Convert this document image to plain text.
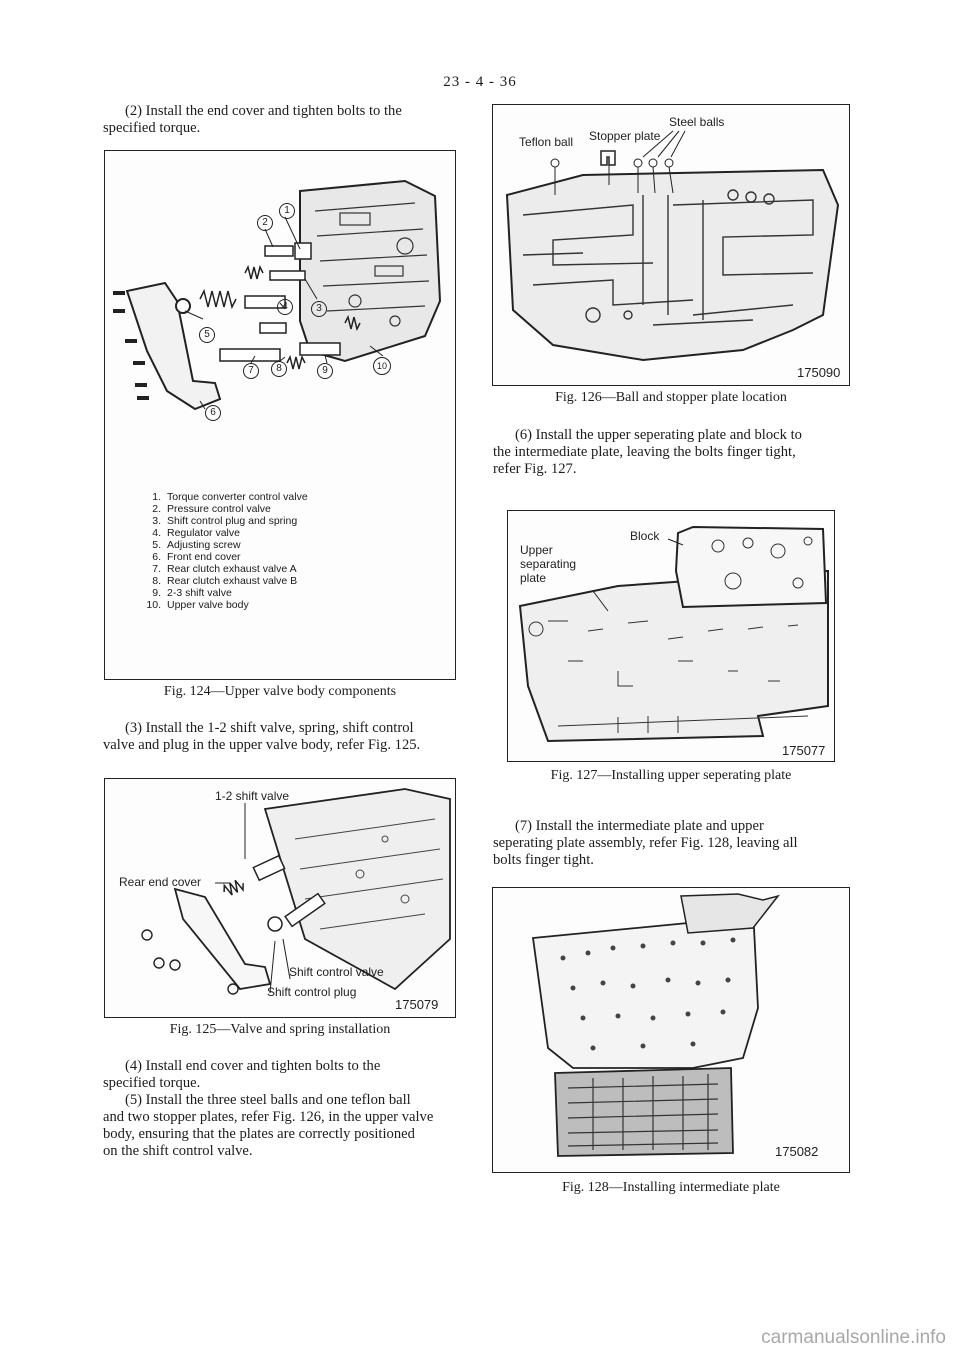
23 - 4 - 36

(2) Install the end cover and tighten bolts to the
specified torque.

1
2
3
4
5
6
7	8	9	10
1. Torque converter control valve
2. Pressure control valve
3. Shift control plug and spring
4. Regulator valve
5. Adjusting screw
6. Front end cover
7. Rear clutch exhaust valve A
8. Rear clutch exhaust valve B
9. 2-3 shift valve
10. Upper valve body
Fig. 124—Upper valve body components

(3) Install the 1-2 shift valve, spring, shift control
valve and plug in the upper valve body, refer Fig. 125.

1-2 shift valve
Rear end cover
Shift control valve
Shift control plug
175079
Fig. 125—Valve and spring installation

(4) Install end cover and tighten bolts to the
specified torque.

(5) Install the three steel balls and one teflon ball
and two stopper plates, refer Fig. 126, in the upper valve
body, ensuring that the plates are correctly positioned
on the shift control valve.

Steel balls
Teflon ball Stopper plate
175090
Fig. 126—Ball and stopper plate location

(6) Install the upper seperating plate and block to
the intermediate plate, leaving the bolts finger tight,
refer Fig. 127.

Block
Upper
separating
plate
175077
Fig. 127—Installing upper seperating plate

(7) Install the intermediate plate and upper
seperating plate assembly, refer Fig. 128, leaving all
bolts finger tight.

175082
Fig. 128—Installing intermediate plate
carmanualsonline.info
